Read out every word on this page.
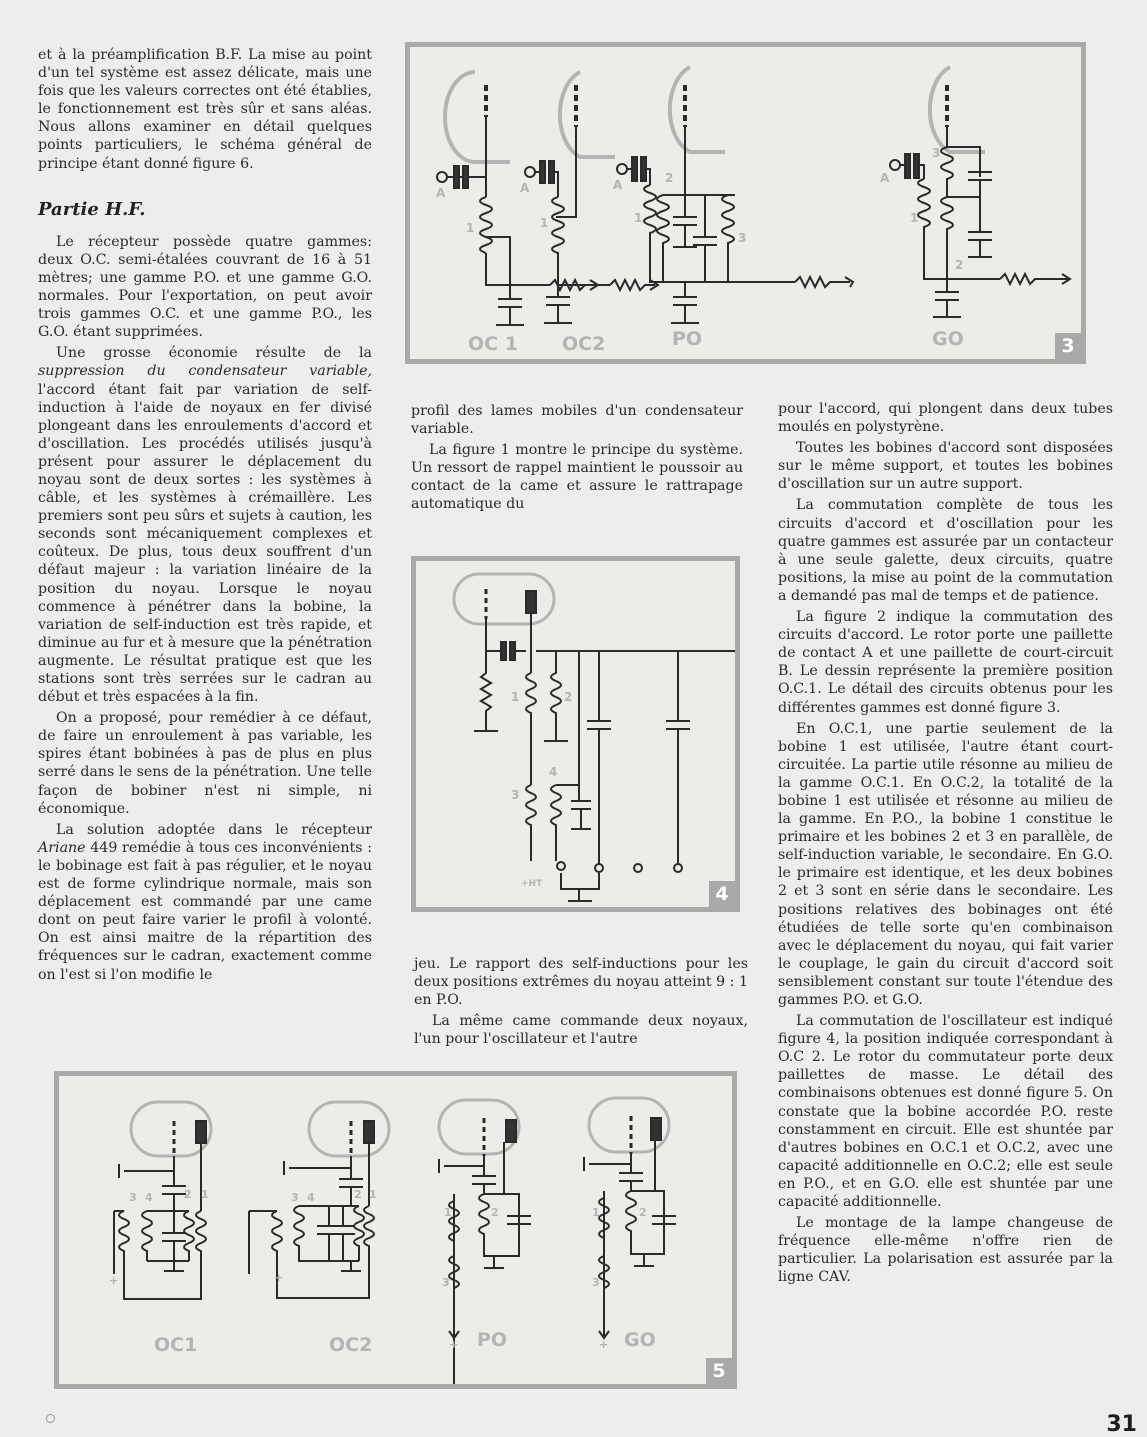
et à la préamplification B.F. La mise au point d'un tel système est assez délicate, mais une fois que les valeurs correctes ont été établies, le fonctionnement est très sûr et sans aléas. Nous allons examiner en détail quelques points particuliers, le schéma général de principe étant donné figure 6.

Partie H.F.

Le récepteur possède quatre gammes: deux O.C. semi-étalées couvrant de 16 à 51 mètres; une gamme P.O. et une gamme G.O. normales. Pour l'exportation, on peut avoir trois gammes O.C. et une gamme P.O., les G.O. étant supprimées.

Une grosse économie résulte de la suppression du condensateur variable, l'accord étant fait par variation de self-induction à l'aide de noyaux en fer divisé plongeant dans les enroulements d'accord et d'oscillation. Les procédés utilisés jusqu'à présent pour assurer le déplacement du noyau sont de deux sortes : les systèmes à câble, et les systèmes à crémaillère. Les premiers sont peu sûrs et sujets à caution, les seconds sont mécaniquement complexes et coûteux. De plus, tous deux souffrent d'un défaut majeur : la variation linéaire de la position du noyau. Lorsque le noyau commence à pénétrer dans la bobine, la variation de self-induction est très rapide, et diminue au fur et à mesure que la pénétration augmente. Le résultat pratique est que les stations sont très serrées sur le cadran au début et très espacées à la fin.

On a proposé, pour remédier à ce défaut, de faire un enroulement à pas variable, les spires étant bobinées à pas de plus en plus serré dans le sens de la pénétration. Une telle façon de bobiner n'est ni simple, ni économique.

La solution adoptée dans le récepteur Ariane 449 remédie à tous ces inconvénients : le bobinage est fait à pas régulier, et le noyau est de forme cylindrique normale, mais son déplacement est commandé par une came dont on peut faire varier le profil à volonté. On est ainsi maitre de la répartition des fréquences sur le cadran, exactement comme on l'est si l'on modifie le

profil des lames mobiles d'un condensateur variable.

La figure 1 montre le principe du système. Un ressort de rappel maintient le poussoir au contact de la came et assure le rattrapage automatique du

jeu. Le rapport des self-inductions pour les deux positions extrêmes du noyau atteint 9 : 1 en P.O.

La même came commande deux noyaux, l'un pour l'oscillateur et l'autre

pour l'accord, qui plongent dans deux tubes moulés en polystyrène.

Toutes les bobines d'accord sont disposées sur le même support, et toutes les bobines d'oscillation sur un autre support.

La commutation complète de tous les circuits d'accord et d'oscillation pour les quatre gammes est assurée par un contacteur à une seule galette, deux circuits, quatre positions, la mise au point de la commutation a demandé pas mal de temps et de patience.

La figure 2 indique la commutation des circuits d'accord. Le rotor porte une paillette de contact A et une paillette de court-circuit B. Le dessin représente la première position O.C.1. Le détail des circuits obtenus pour les différentes gammes est donné figure 3.

En O.C.1, une partie seulement de la bobine 1 est utilisée, l'autre étant court-circuitée. La partie utile résonne au milieu de la gamme O.C.1. En O.C.2, la totalité de la bobine 1 est utilisée et résonne au milieu de la gamme. En P.O., la bobine 1 constitue le primaire et les bobines 2 et 3 en parallèle, de self-induction variable, le secondaire. En G.O. le primaire est identique, et les deux bobines 2 et 3 sont en série dans le secondaire. Les positions relatives des bobinages ont été étudiées de telle sorte qu'en combinaison avec le déplacement du noyau, qui fait varier le couplage, le gain du circuit d'accord soit sensiblement constant sur toute l'étendue des gammes P.O. et G.O.

La commutation de l'oscillateur est indiqué figure 4, la position indiquée correspondant à O.C 2. Le rotor du commutateur porte deux paillettes de masse. Le détail des combinaisons obtenues est donné figure 5. On constate que la bobine accordée P.O. reste constamment en circuit. Elle est shuntée par d'autres bobines en O.C.1 et O.C.2, avec une capacité additionnelle en O.C.2; elle est seule en P.O., et en G.O. elle est shuntée par une capacité additionnelle.

Le montage de la lampe changeuse de fréquence elle-même n'offre rien de particulier. La polarisation est assurée par la ligne CAV.

A	A	A	A
1	1	1
2
3
1
2
3
OC 1 OC2	PO	GO	3
1	2
3
4
+HT	4
3 4	2 1	3 4	2 1
1	2
3
1	2
3
+	+
+	+
OC1	OC2	PO	GO
5
31
